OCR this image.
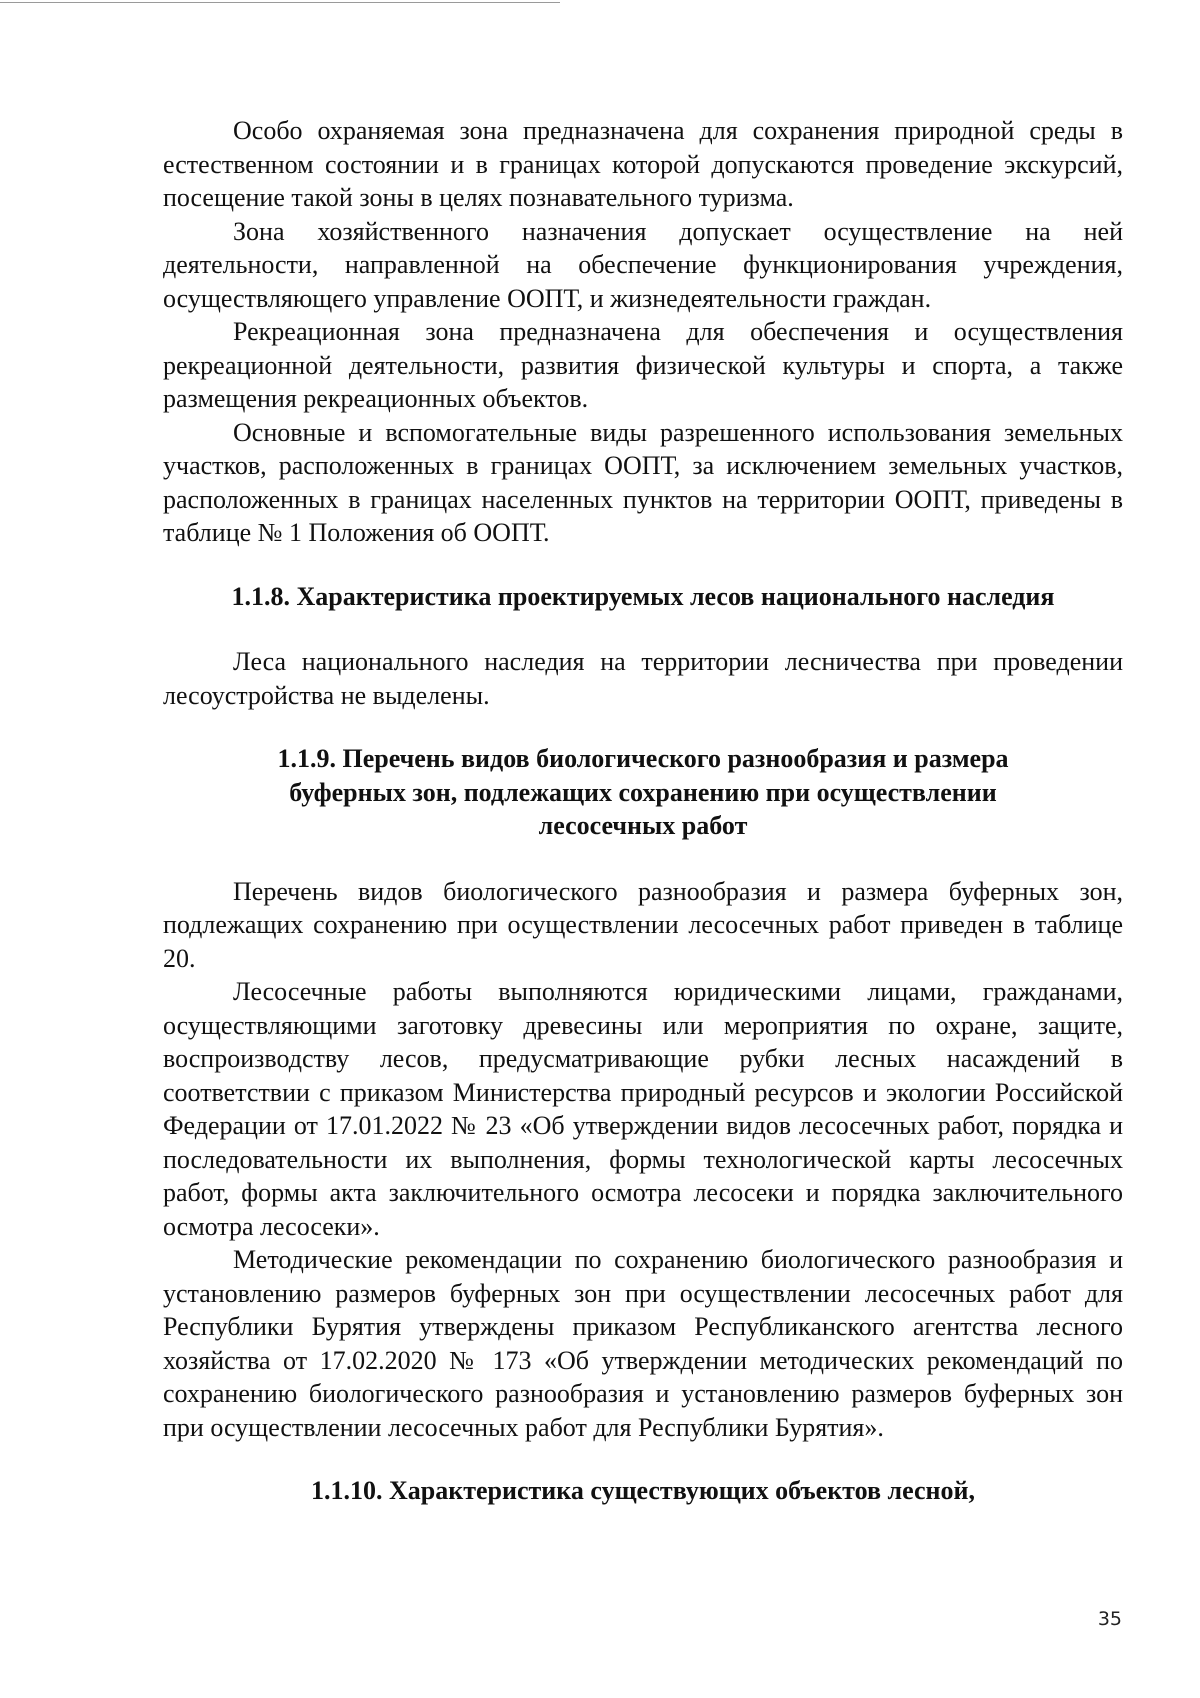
Особо охраняемая зона предназначена для сохранения природной среды в естественном состоянии и в границах которой допускаются проведение экскурсий, посещение такой зоны в целях познавательного туризма.

Зона хозяйственного назначения допускает осуществление на ней деятельности, направленной на обеспечение функционирования учреждения, осуществляющего управление ООПТ, и жизнедеятельности граждан.

Рекреационная зона предназначена для обеспечения и осуществления рекреационной деятельности, развития физической культуры и спорта, а также размещения рекреационных объектов.

Основные и вспомогательные виды разрешенного использования земельных участков, расположенных в границах ООПТ, за исключением земельных участков, расположенных в границах населенных пунктов на территории ООПТ, приведены в таблице № 1 Положения об ООПТ.

1.1.8. Характеристика проектируемых лесов национального наследия

Леса национального наследия на территории лесничества при проведении лесоустройства не выделены.

1.1.9. Перечень видов биологического разнообразия и размера буферных зон, подлежащих сохранению при осуществлении лесосечных работ

Перечень видов биологического разнообразия и размера буферных зон, подлежащих сохранению при осуществлении лесосечных работ приведен в таблице 20.

Лесосечные работы выполняются юридическими лицами, гражданами, осуществляющими заготовку древесины или мероприятия по охране, защите, воспроизводству лесов, предусматривающие рубки лесных насаждений в соответствии с приказом Министерства природный ресурсов и экологии Российской Федерации от 17.01.2022 № 23 «Об утверждении видов лесосечных работ, порядка и последовательности их выполнения, формы технологической карты лесосечных работ, формы акта заключительного осмотра лесосеки и порядка заключительного осмотра лесосеки».

Методические рекомендации по сохранению биологического разнообразия и установлению размеров буферных зон при осуществлении лесосечных работ для Республики Бурятия утверждены приказом Республиканского агентства лесного хозяйства от 17.02.2020 № 173 «Об утверждении методических рекомендаций по сохранению биологического разнообразия и установлению размеров буферных зон при осуществлении лесосечных работ для Республики Бурятия».

1.1.10. Характеристика существующих объектов лесной,
35
